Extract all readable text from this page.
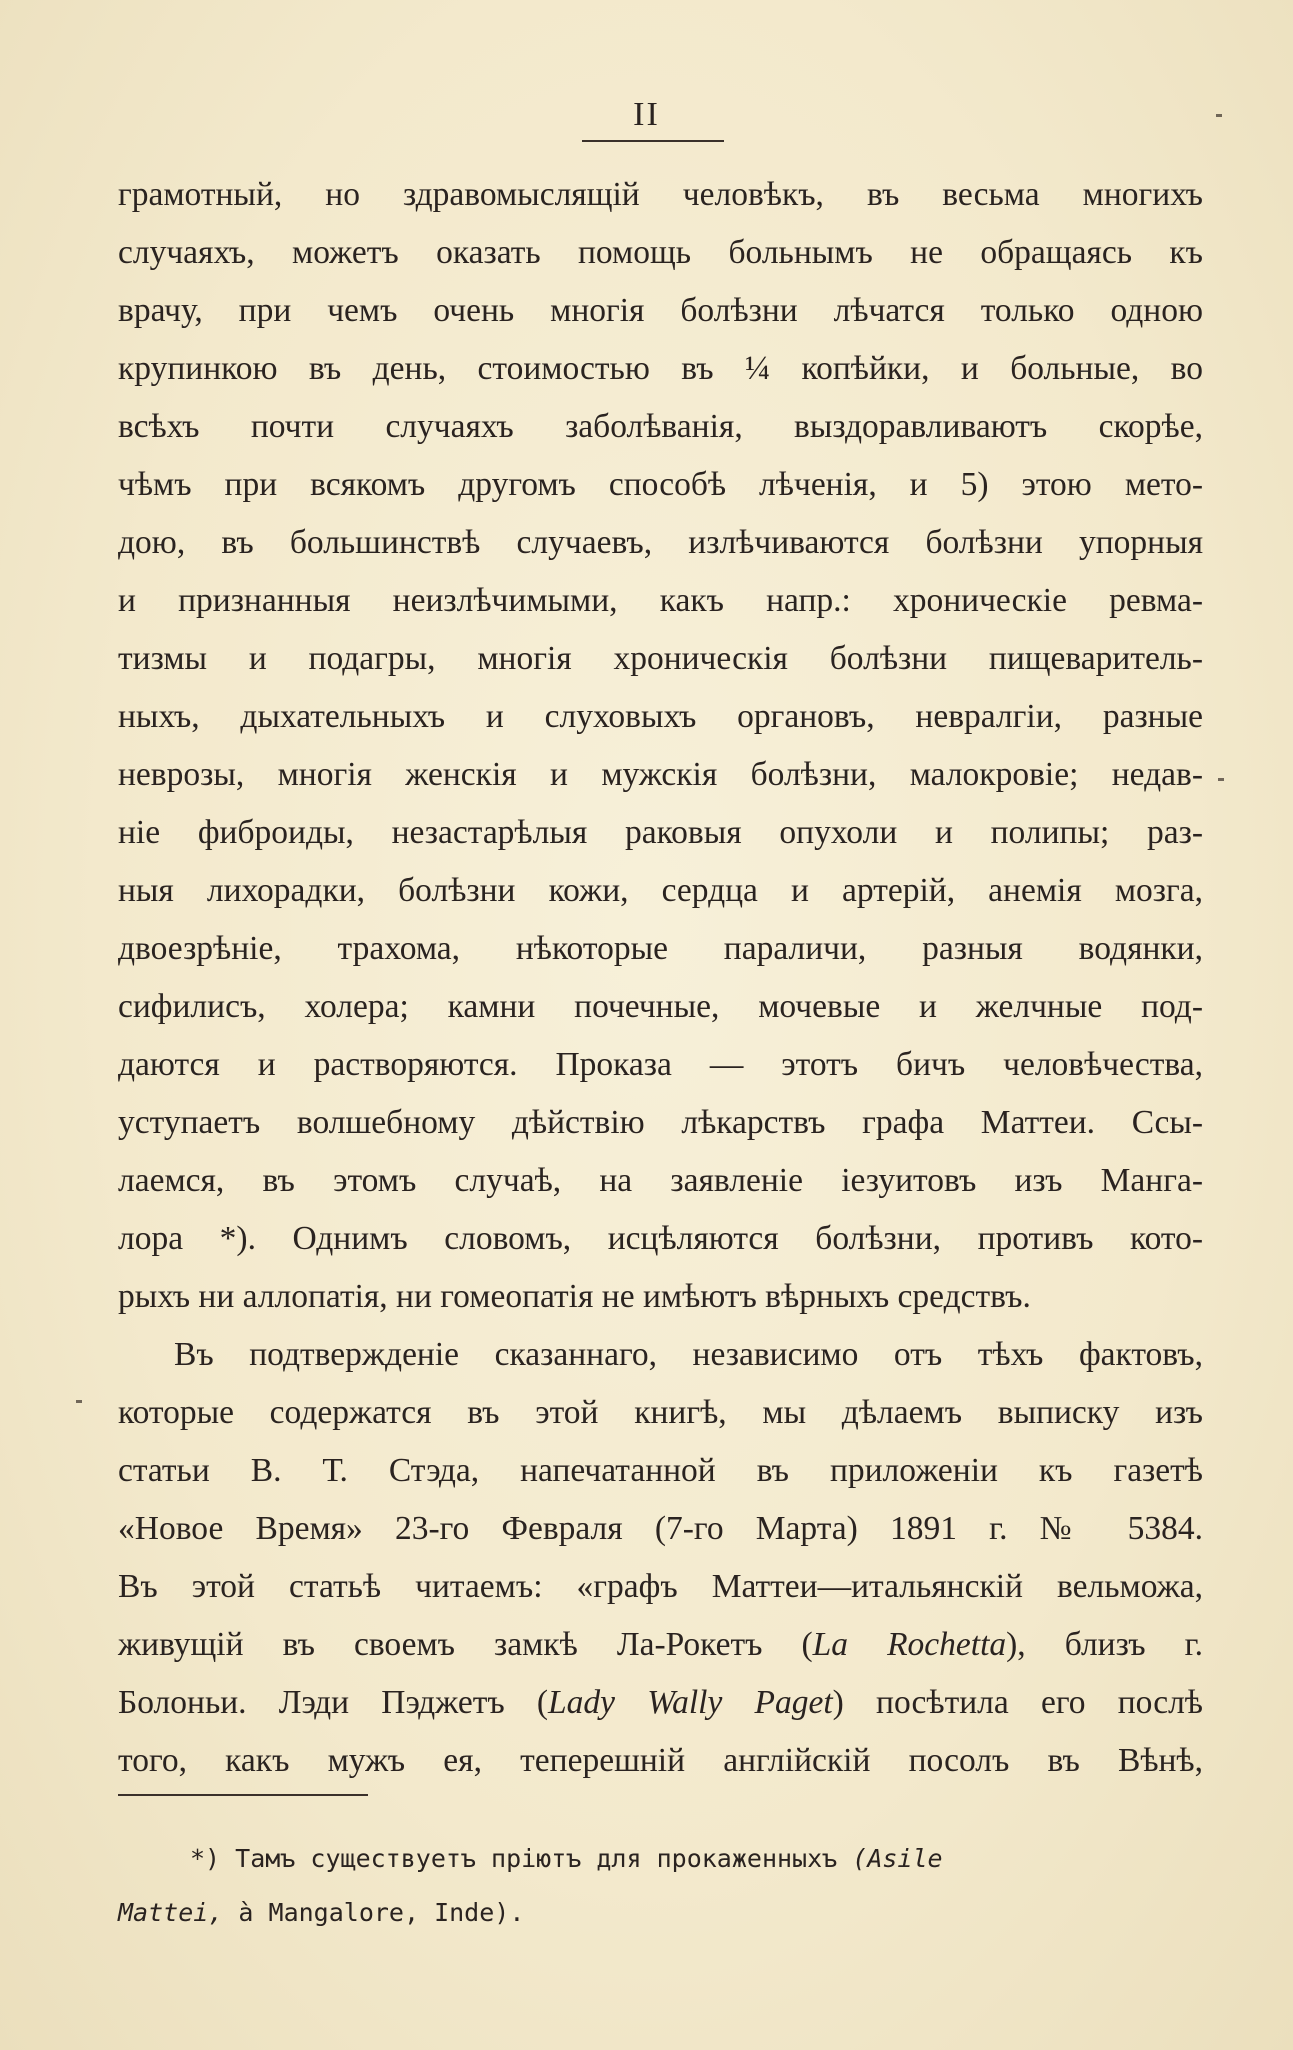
II
грамотный, но здравомыслящій человѣкъ, въ весьма многихъ
случаяхъ, можетъ оказать помощь больнымъ не обращаясь къ
врачу, при чемъ очень многія болѣзни лѣчатся только одною
крупинкою въ день, стоимостью въ ¼ копѣйки, и больные, во
всѣхъ почти случаяхъ заболѣванія, выздоравливаютъ скорѣе,
чѣмъ при всякомъ другомъ способѣ лѣченія, и 5) этою мето-
дою, въ большинствѣ случаевъ, излѣчиваются болѣзни упорныя
и признанныя неизлѣчимыми, какъ напр.: хроническіе ревма-
тизмы и подагры, многія хроническія болѣзни пищеваритель-
ныхъ, дыхательныхъ и слуховыхъ органовъ, невралгіи, разные
неврозы, многія женскія и мужскія болѣзни, малокровіе; недав-
ніе фиброиды, незастарѣлыя раковыя опухоли и полипы; раз-
ныя лихорадки, болѣзни кожи, сердца и артерій, анемія мозга,
двоезрѣніе, трахома, нѣкоторые параличи, разныя водянки,
сифилисъ, холера; камни почечные, мочевые и желчные под-
даются и растворяются. Проказа — этотъ бичъ человѣчества,
уступаетъ волшебному дѣйствію лѣкарствъ графа Маттеи. Ссы-
лаемся, въ этомъ случаѣ, на заявленіе іезуитовъ изъ Манга-
лора *). Однимъ словомъ, исцѣляются болѣзни, противъ кото-
рыхъ ни аллопатія, ни гомеопатія не имѣютъ вѣрныхъ средствъ.
Въ подтвержденіе сказаннаго, независимо отъ тѣхъ фактовъ,
которые содержатся въ этой книгѣ, мы дѣлаемъ выписку изъ
статьи В. Т. Стэда, напечатанной въ приложеніи къ газетѣ
«Новое Время» 23-го Февраля (7-го Марта) 1891 г. № 5384.
Въ этой статьѣ читаемъ: «графъ Маттеи—итальянскій вельможа,
живущій въ своемъ замкѣ Ла-Рокетъ (La Rochetta), близъ г.
Болоньи. Лэди Пэджетъ (Lady Wally Paget) посѣтила его послѣ
того, какъ мужъ ея, теперешній англійскій посолъ въ Вѣнѣ,
*) Тамъ существуетъ пріютъ для прокаженныхъ (Asile
Mattei, à Mangalore, Inde).
